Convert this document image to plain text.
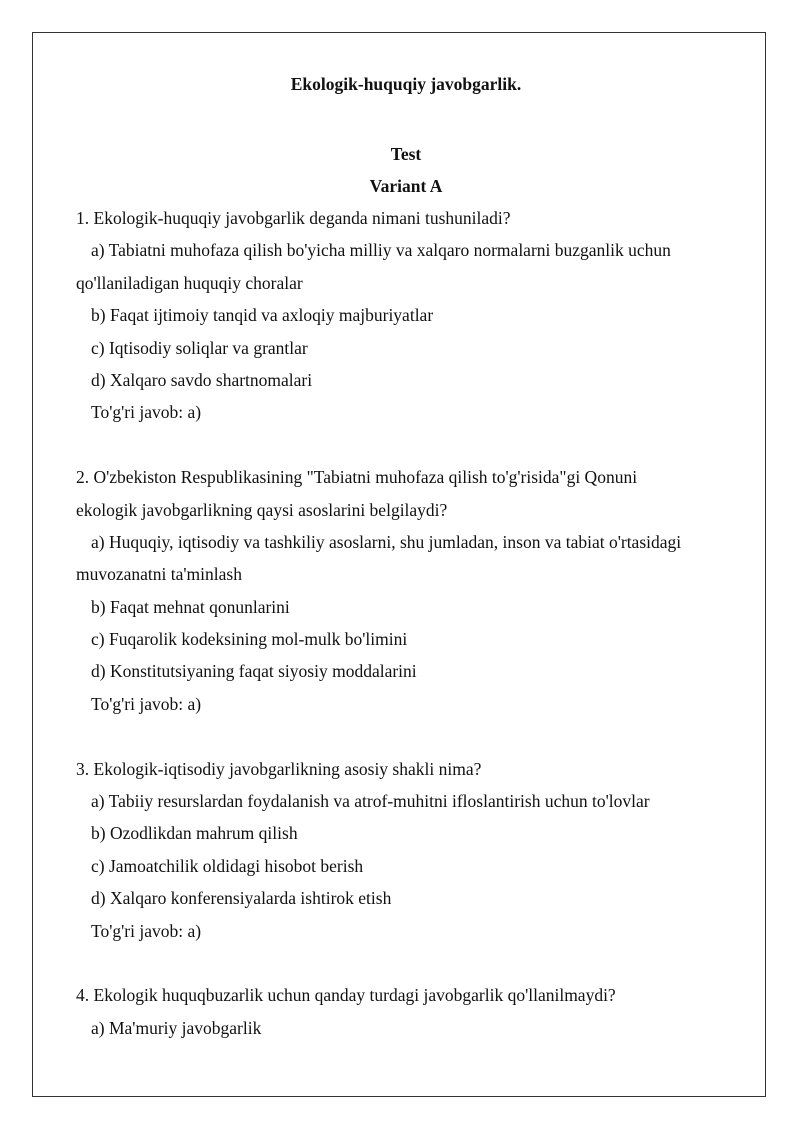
Ekologik-huquqiy javobgarlik.

Test

Variant A

1. Ekologik-huquqiy javobgarlik deganda nimani tushuniladi?

a) Tabiatni muhofaza qilish bo'yicha milliy va xalqaro normalarni buzganlik uchun

qo'llaniladigan huquqiy choralar

b) Faqat ijtimoiy tanqid va axloqiy majburiyatlar

c) Iqtisodiy soliqlar va grantlar

d) Xalqaro savdo shartnomalari

To'g'ri javob: a)

2. O'zbekiston Respublikasining "Tabiatni muhofaza qilish to'g'risida"gi Qonuni

ekologik javobgarlikning qaysi asoslarini belgilaydi?

a) Huquqiy, iqtisodiy va tashkiliy asoslarni, shu jumladan, inson va tabiat o'rtasidagi

muvozanatni ta'minlash

b) Faqat mehnat qonunlarini

c) Fuqarolik kodeksining mol-mulk bo'limini

d) Konstitutsiyaning faqat siyosiy moddalarini

To'g'ri javob: a)

3. Ekologik-iqtisodiy javobgarlikning asosiy shakli nima?

a) Tabiiy resurslardan foydalanish va atrof-muhitni ifloslantirish uchun to'lovlar

b) Ozodlikdan mahrum qilish

c) Jamoatchilik oldidagi hisobot berish

d) Xalqaro konferensiyalarda ishtirok etish

To'g'ri javob: a)

4. Ekologik huquqbuzarlik uchun qanday turdagi javobgarlik qo'llanilmaydi?

a) Ma'muriy javobgarlik
